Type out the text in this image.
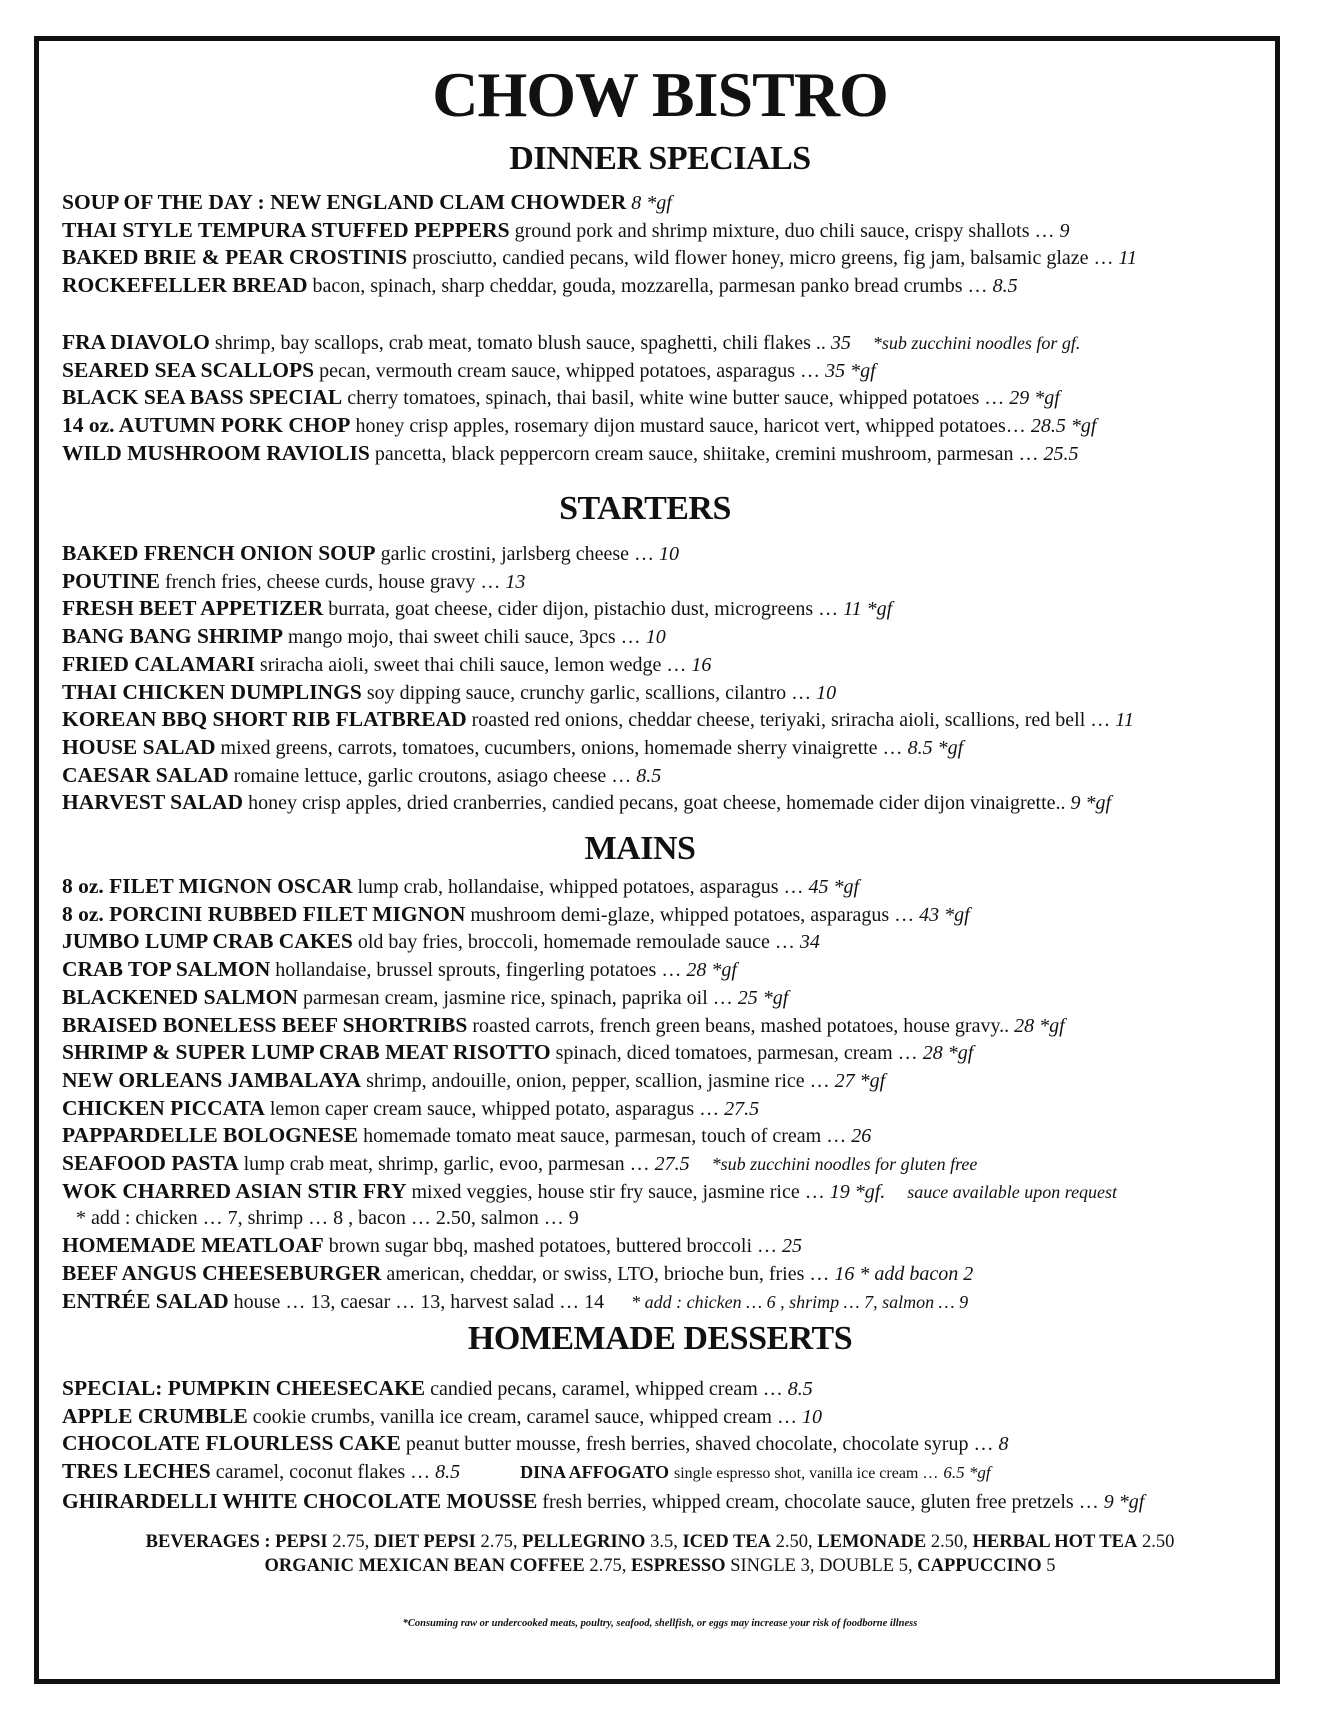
CHOW BISTRO
DINNER SPECIALS
SOUP OF THE DAY : NEW ENGLAND CLAM CHOWDER 8 *gf
THAI STYLE TEMPURA STUFFED PEPPERS ground pork and shrimp mixture, duo chili sauce, crispy shallots … 9
BAKED BRIE & PEAR CROSTINIS prosciutto, candied pecans, wild flower honey, micro greens, fig jam, balsamic glaze … 11
ROCKEFELLER BREAD bacon, spinach, sharp cheddar, gouda, mozzarella, parmesan panko bread crumbs … 8.5
FRA DIAVOLO shrimp, bay scallops, crab meat, tomato blush sauce, spaghetti, chili flakes .. 35 *sub zucchini noodles for gf.
SEARED SEA SCALLOPS pecan, vermouth cream sauce, whipped potatoes, asparagus … 35 *gf
BLACK SEA BASS SPECIAL cherry tomatoes, spinach, thai basil, white wine butter sauce, whipped potatoes … 29 *gf
14 oz. AUTUMN PORK CHOP honey crisp apples, rosemary dijon mustard sauce, haricot vert, whipped potatoes… 28.5 *gf
WILD MUSHROOM RAVIOLIS pancetta, black peppercorn cream sauce, shiitake, cremini mushroom, parmesan … 25.5
STARTERS
BAKED FRENCH ONION SOUP garlic crostini, jarlsberg cheese … 10
POUTINE french fries, cheese curds, house gravy … 13
FRESH BEET APPETIZER burrata, goat cheese, cider dijon, pistachio dust, microgreens … 11 *gf
BANG BANG SHRIMP mango mojo, thai sweet chili sauce, 3pcs … 10
FRIED CALAMARI sriracha aioli, sweet thai chili sauce, lemon wedge … 16
THAI CHICKEN DUMPLINGS soy dipping sauce, crunchy garlic, scallions, cilantro … 10
KOREAN BBQ SHORT RIB FLATBREAD roasted red onions, cheddar cheese, teriyaki, sriracha aioli, scallions, red bell … 11
HOUSE SALAD mixed greens, carrots, tomatoes, cucumbers, onions, homemade sherry vinaigrette … 8.5 *gf
CAESAR SALAD romaine lettuce, garlic croutons, asiago cheese … 8.5
HARVEST SALAD honey crisp apples, dried cranberries, candied pecans, goat cheese, homemade cider dijon vinaigrette.. 9 *gf
MAINS
8 oz. FILET MIGNON OSCAR lump crab, hollandaise, whipped potatoes, asparagus … 45 *gf
8 oz. PORCINI RUBBED FILET MIGNON mushroom demi-glaze, whipped potatoes, asparagus … 43 *gf
JUMBO LUMP CRAB CAKES old bay fries, broccoli, homemade remoulade sauce … 34
CRAB TOP SALMON hollandaise, brussel sprouts, fingerling potatoes … 28 *gf
BLACKENED SALMON parmesan cream, jasmine rice, spinach, paprika oil … 25 *gf
BRAISED BONELESS BEEF SHORTRIBS roasted carrots, french green beans, mashed potatoes, house gravy.. 28 *gf
SHRIMP & SUPER LUMP CRAB MEAT RISOTTO spinach, diced tomatoes, parmesan, cream … 28 *gf
NEW ORLEANS JAMBALAYA shrimp, andouille, onion, pepper, scallion, jasmine rice … 27 *gf
CHICKEN PICCATA lemon caper cream sauce, whipped potato, asparagus … 27.5
PAPPARDELLE BOLOGNESE homemade tomato meat sauce, parmesan, touch of cream … 26
SEAFOOD PASTA lump crab meat, shrimp, garlic, evoo, parmesan … 27.5 *sub zucchini noodles for gluten free
WOK CHARRED ASIAN STIR FRY mixed veggies, house stir fry sauce, jasmine rice … 19 *gf. sauce available upon request
* add : chicken … 7, shrimp … 8 , bacon … 2.50, salmon … 9
HOMEMADE MEATLOAF brown sugar bbq, mashed potatoes, buttered broccoli … 25
BEEF ANGUS CHEESEBURGER american, cheddar, or swiss, LTO, brioche bun, fries … 16 * add bacon 2
ENTRÉE SALAD house … 13, caesar … 13, harvest salad … 14 * add : chicken … 6 , shrimp … 7, salmon … 9
HOMEMADE DESSERTS
SPECIAL: PUMPKIN CHEESECAKE candied pecans, caramel, whipped cream … 8.5
APPLE CRUMBLE cookie crumbs, vanilla ice cream, caramel sauce, whipped cream … 10
CHOCOLATE FLOURLESS CAKE peanut butter mousse, fresh berries, shaved chocolate, chocolate syrup … 8
TRES LECHES caramel, coconut flakes … 8.5	DINA AFFOGATO single espresso shot, vanilla ice cream … 6.5 *gf
GHIRARDELLI WHITE CHOCOLATE MOUSSE fresh berries, whipped cream, chocolate sauce, gluten free pretzels … 9 *gf
BEVERAGES : PEPSI 2.75, DIET PEPSI 2.75, PELLEGRINO 3.5, ICED TEA 2.50, LEMONADE 2.50, HERBAL HOT TEA 2.50
ORGANIC MEXICAN BEAN COFFEE 2.75, ESPRESSO SINGLE 3, DOUBLE 5, CAPPUCCINO 5
*Consuming raw or undercooked meats, poultry, seafood, shellfish, or eggs may increase your risk of foodborne illness
